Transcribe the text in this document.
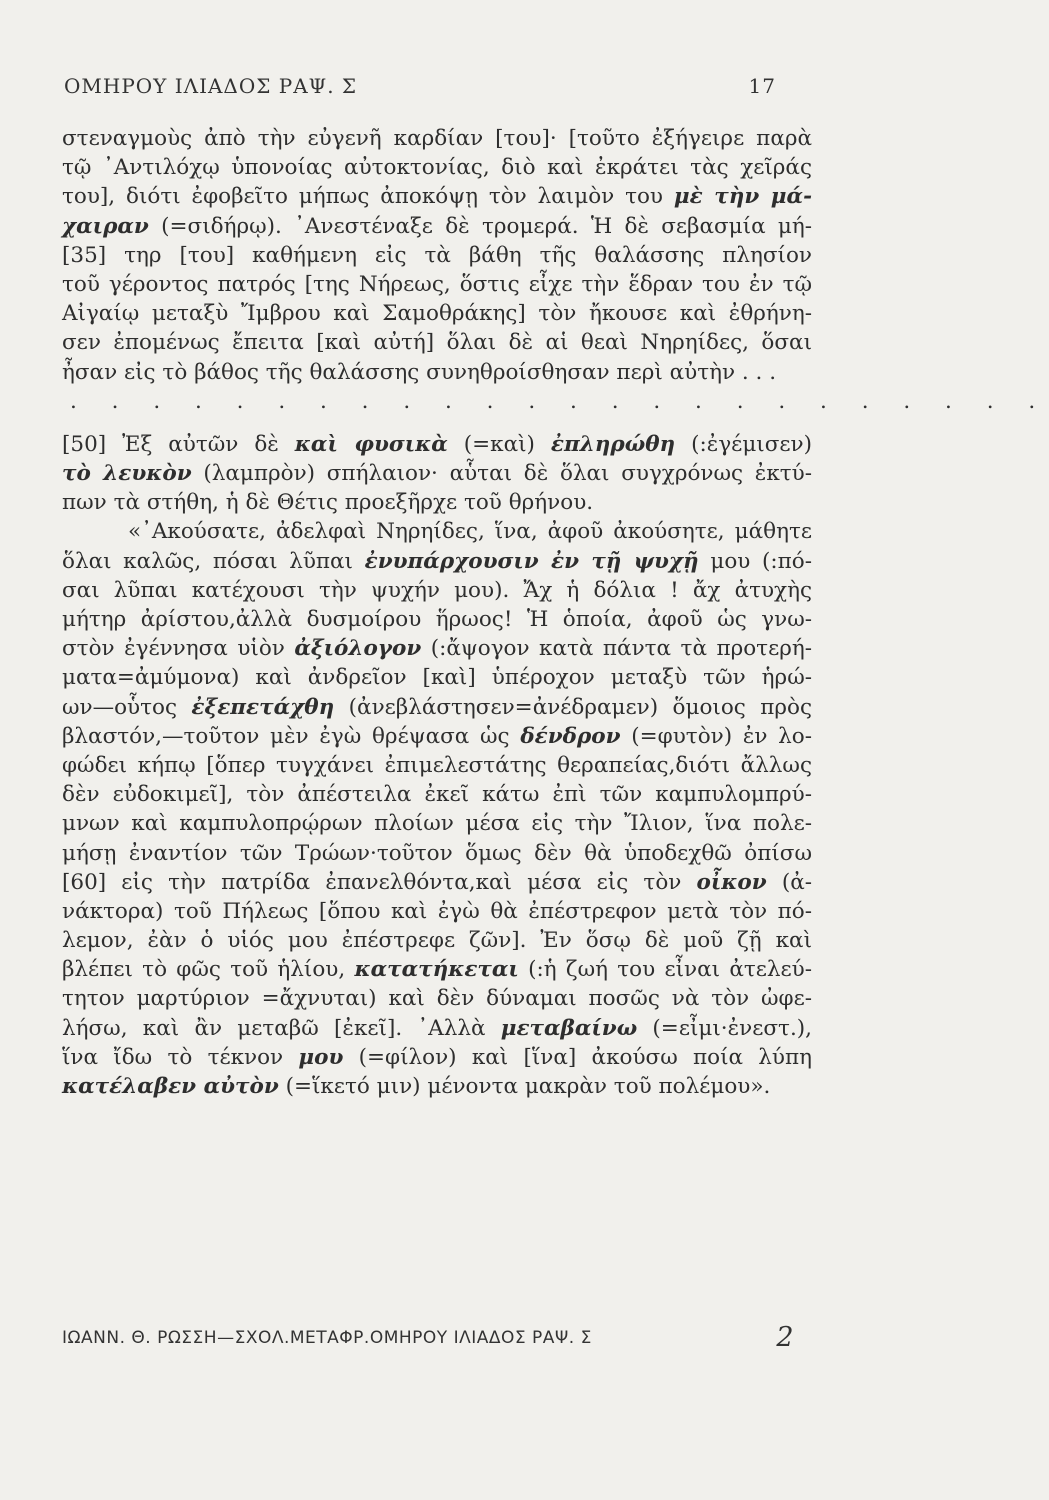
ΟΜΗΡΟΥ ΙΛΙΑΔΟΣ ΡΑΨ. Σ	17
στεναγμοὺς ἀπὸ τὴν εὐγενῆ καρδίαν [του]· [τοῦτο ἐξήγειρε παρὰ
τῷ ᾿Αντιλόχῳ ὑπονοίας αὐτοκτονίας, διὸ καὶ ἐκράτει τὰς χεῖράς
του], διότι ἐφοβεῖτο μήπως ἀποκόψῃ τὸν λαιμὸν του μὲ τὴν μά-
χαιραν (=σιδήρῳ). ᾿Ανεστέναξε δὲ τρομερά. Ἡ δὲ σεβασμία μή-
[35] τηρ [του] καθήμενη εἰς τὰ βάθη τῆς θαλάσσης πλησίον
τοῦ γέροντος πατρός [της Νήρεως, ὅστις εἶχε τὴν ἕδραν του ἐν τῷ
Αἰγαίῳ μεταξὺ Ἴμβρου καὶ Σαμοθράκης] τὸν ἤκουσε καὶ ἐθρήνη-
σεν ἐπομένως ἔπειτα [καὶ αὐτή] ὅλαι δὲ αἱ θεαὶ Νηρηίδες, ὅσαι
ἦσαν εἰς τὸ βάθος τῆς θαλάσσης συνηθροίσθησαν περὶ αὐτὴν . . .
. . . . . . . . . . . . . . . . . . . . . . . .
[50] Ἐξ αὐτῶν δὲ καὶ φυσικὰ (=καὶ) ἐπληρώθη (:ἐγέμισεν)
τὸ λευκὸν (λαμπρὸν) σπήλαιον· αὗται δὲ ὅλαι συγχρόνως ἐκτύ-
πων τὰ στήθη, ἡ δὲ Θέτις προεξῆρχε τοῦ θρήνου.
«᾿Ακούσατε, ἀδελφαὶ Νηρηίδες, ἵνα, ἀφοῦ ἀκούσητε, μάθητε
ὅλαι καλῶς, πόσαι λῦπαι ἐνυπάρχουσιν ἐν τῇ ψυχῇ μου (:πό-
σαι λῦπαι κατέχουσι τὴν ψυχήν μου). Ἄχ ἡ δόλια ! ἄχ ἀτυχὴς
μήτηρ ἀρίστου,ἀλλὰ δυσμοίρου ἥρωος! Ἡ ὁποία, ἀφοῦ ὡς γνω-
στὸν ἐγέννησα υἱὸν ἀξιόλογον (:ἄψογον κατὰ πάντα τὰ προτερή-
ματα=ἀμύμονα) καὶ ἀνδρεῖον [καὶ] ὑπέροχον μεταξὺ τῶν ἡρώ-
ων—οὗτος ἐξεπετάχθη (ἀνεβλάστησεν=ἀνέδραμεν) ὅμοιος πρὸς
βλαστόν,—τοῦτον μὲν ἐγὼ θρέψασα ὡς δένδρον (=φυτὸν) ἐν λο-
φώδει κήπῳ [ὅπερ τυγχάνει ἐπιμελεστάτης θεραπείας,διότι ἄλλως
δὲν εὐδοκιμεῖ], τὸν ἀπέστειλα ἐκεῖ κάτω ἐπὶ τῶν καμπυλομπρύ-
μνων καὶ καμπυλοπρῴρων πλοίων μέσα εἰς τὴν Ἴλιον, ἵνα πολε-
μήσῃ ἐναντίον τῶν Τρώων·τοῦτον ὅμως δὲν θὰ ὑποδεχθῶ ὀπίσω
[60] εἰς τὴν πατρίδα ἐπανελθόντα,καὶ μέσα εἰς τὸν οἶκον (ἀ-
νάκτορα) τοῦ Πήλεως [ὅπου καὶ ἐγὼ θὰ ἐπέστρεφον μετὰ τὸν πό-
λεμον, ἐὰν ὁ υἱός μου ἐπέστρεφε ζῶν]. Ἐν ὅσῳ δὲ μοῦ ζῇ καὶ
βλέπει τὸ φῶς τοῦ ἡλίου, κατατήκεται (:ἡ ζωή του εἶναι ἀτελεύ-
τητον μαρτύριον =ἄχνυται) καὶ δὲν δύναμαι ποσῶς νὰ τὸν ὠφε-
λήσω, καὶ ἂν μεταβῶ [ἐκεῖ]. ᾿Αλλὰ μεταβαίνω (=εἶμι·ἐνεστ.),
ἵνα ἴδω τὸ τέκνον μου (=φίλον) καὶ [ἵνα] ἀκούσω ποία λύπη
κατέλαβεν αὐτὸν (=ἵκετό μιν) μένοντα μακρὰν τοῦ πολέμου».
ΙΩΑΝΝ. Θ. ΡΩΣΣΗ—ΣΧΟΛ.ΜΕΤΑΦΡ.ΟΜΗΡΟΥ ΙΛΙΑΔΟΣ ΡΑΨ. Σ	2
